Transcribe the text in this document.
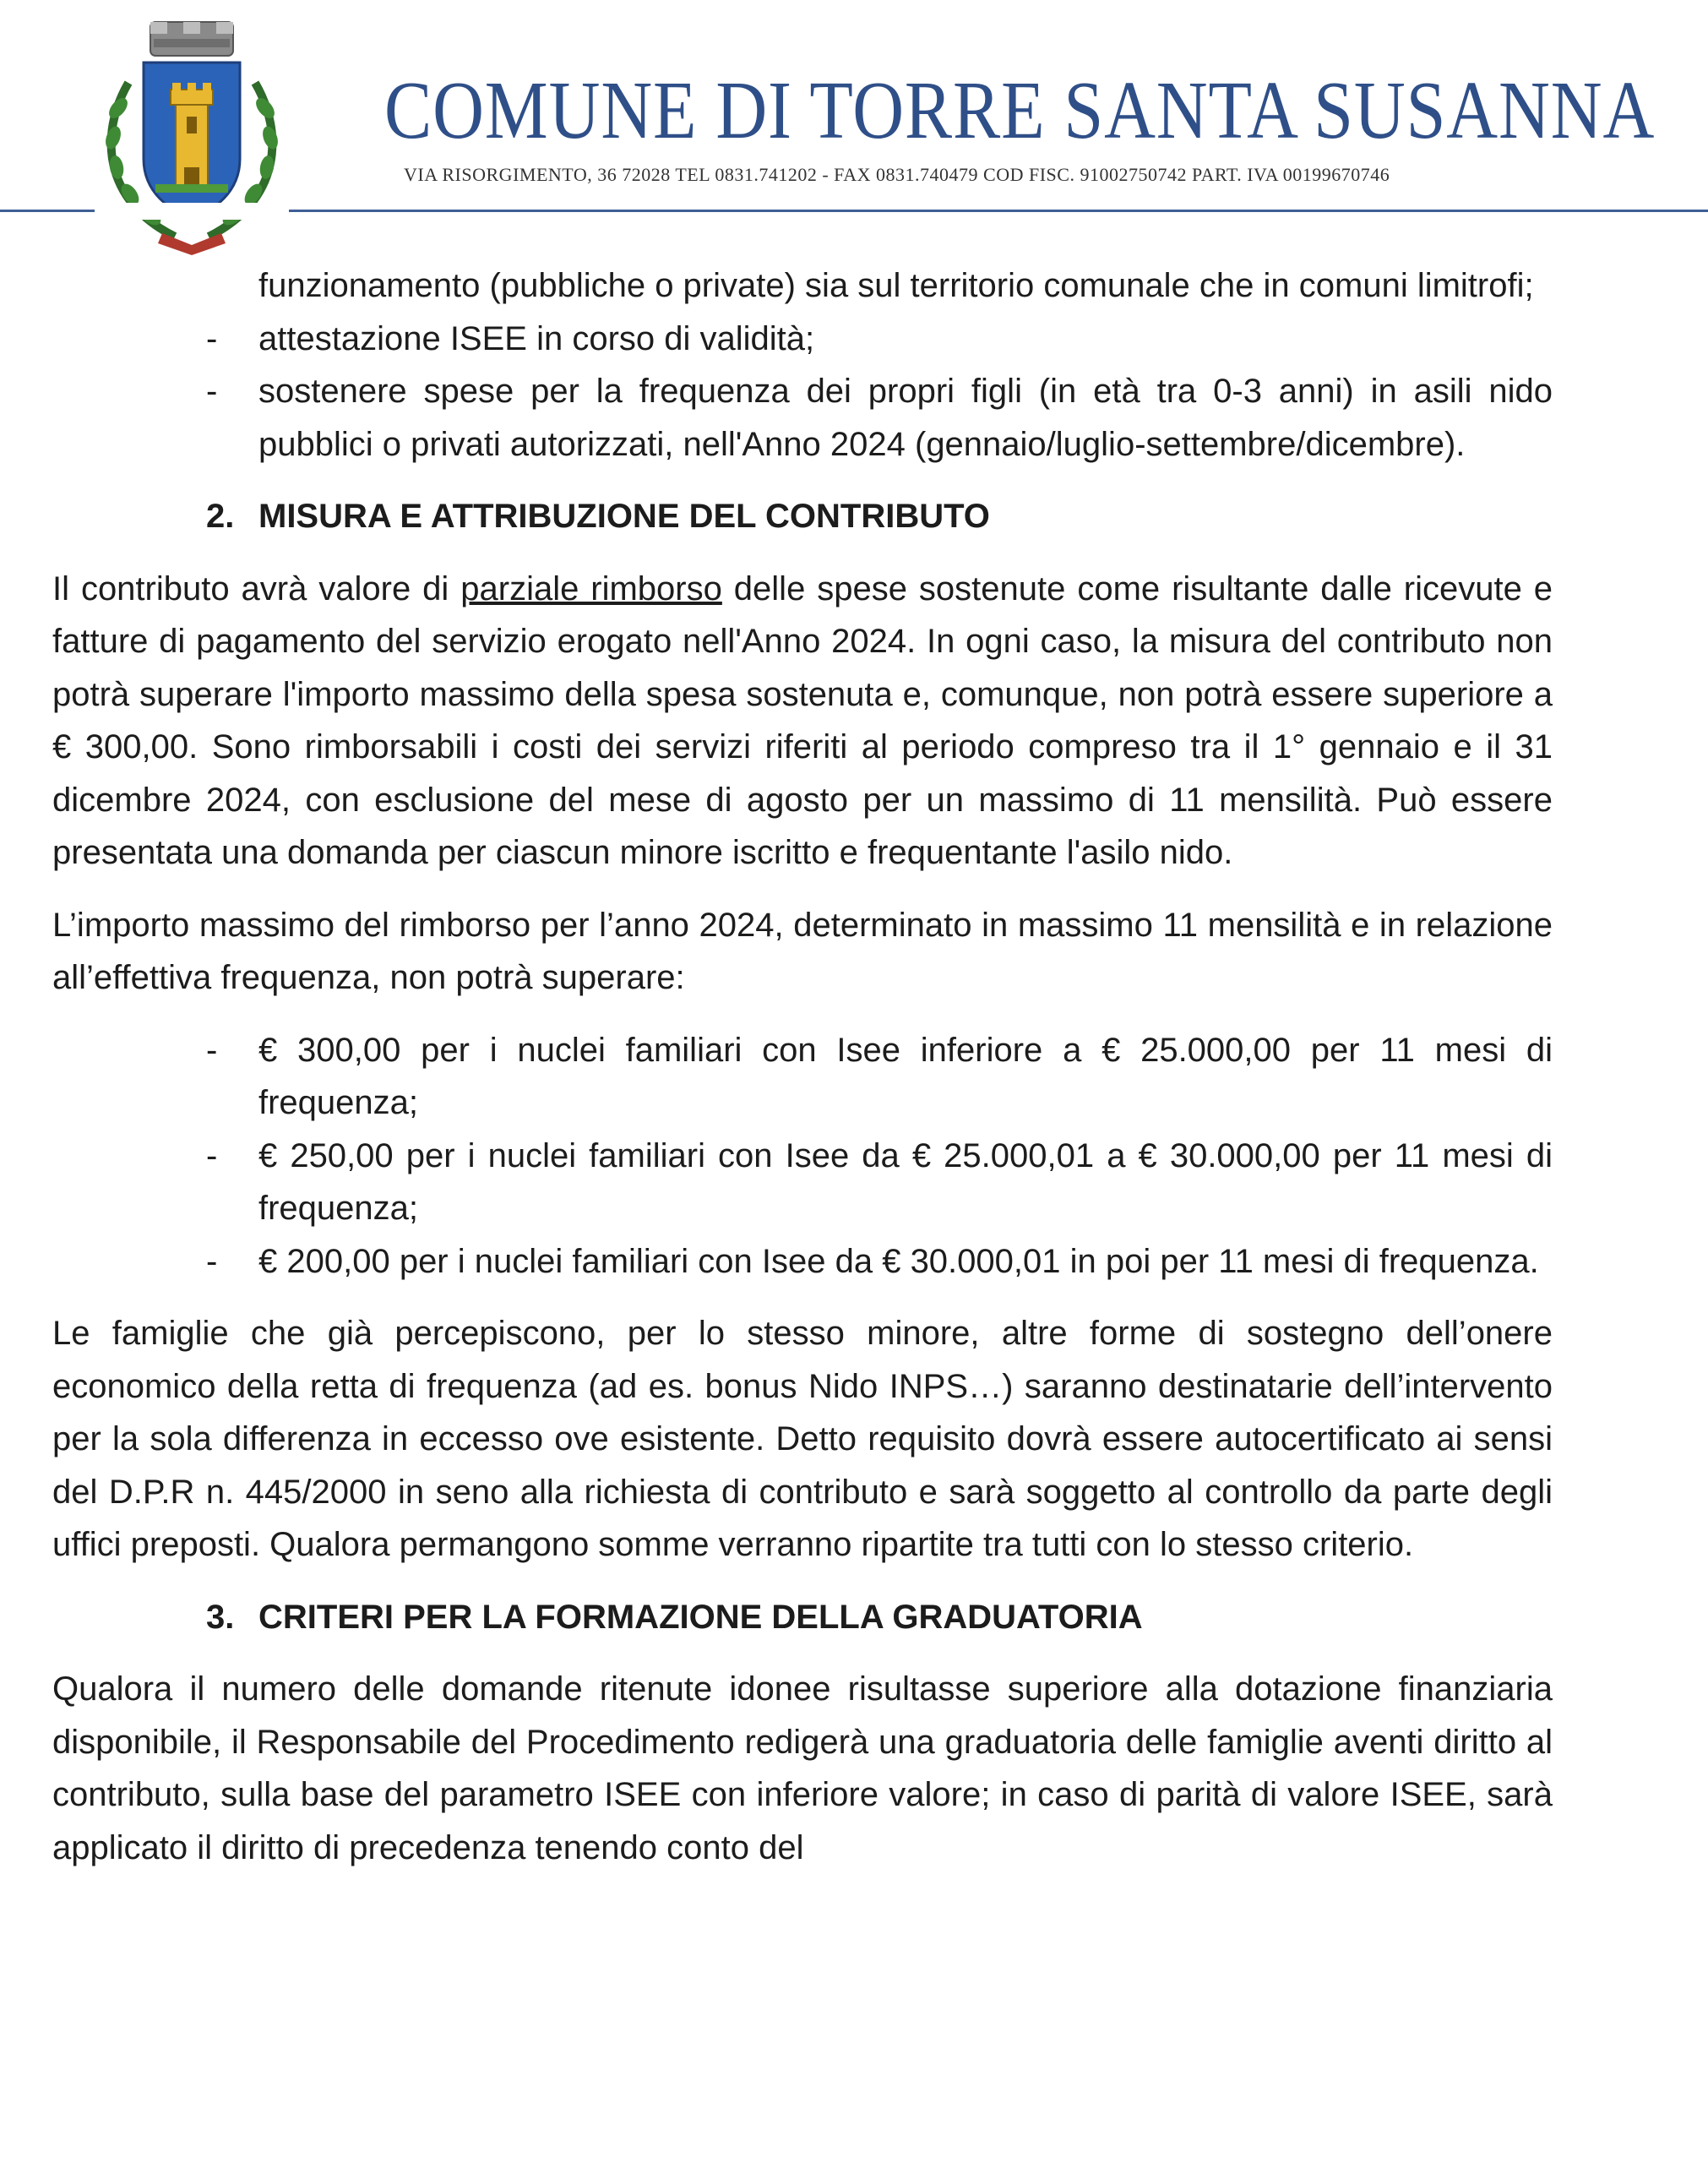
COMUNE DI TORRE SANTA SUSANNA
VIA RISORGIMENTO, 36 72028 TEL 0831.741202 - FAX 0831.740479 COD FISC. 91002750742 PART. IVA 00199670746

funzionamento (pubbliche o private) sia sul territorio comunale che in comuni limitrofi;

- attestazione ISEE in corso di validità;
- sostenere spese per la frequenza dei propri figli (in età tra 0-3 anni) in asili nido pubblici o privati autorizzati, nell'Anno 2024 (gennaio/luglio-settembre/dicembre).
2. MISURA E ATTRIBUZIONE DEL CONTRIBUTO

Il contributo avrà valore di parziale rimborso delle spese sostenute come risultante dalle ricevute e fatture di pagamento del servizio erogato nell'Anno 2024. In ogni caso, la misura del contributo non potrà superare l'importo massimo della spesa sostenuta e, comunque, non potrà essere superiore a € 300,00. Sono rimborsabili i costi dei servizi riferiti al periodo compreso tra il 1° gennaio e il 31 dicembre 2024, con esclusione del mese di agosto per un massimo di 11 mensilità. Può essere presentata una domanda per ciascun minore iscritto e frequentante l'asilo nido.

L’importo massimo del rimborso per l’anno 2024, determinato in massimo 11 mensilità e in relazione all’effettiva frequenza, non potrà superare:

- € 300,00 per i nuclei familiari con Isee inferiore a € 25.000,00 per 11 mesi di frequenza;
- € 250,00 per i nuclei familiari con Isee da € 25.000,01 a € 30.000,00 per 11 mesi di frequenza;
- € 200,00 per i nuclei familiari con Isee da € 30.000,01 in poi per 11 mesi di frequenza.

Le famiglie che già percepiscono, per lo stesso minore, altre forme di sostegno dell’onere economico della retta di frequenza (ad es. bonus Nido INPS…) saranno destinatarie dell’intervento per la sola differenza in eccesso ove esistente. Detto requisito dovrà essere autocertificato ai sensi del D.P.R n. 445/2000 in seno alla richiesta di contributo e sarà soggetto al controllo da parte degli uffici preposti. Qualora permangono somme verranno ripartite tra tutti con lo stesso criterio.

3. CRITERI PER LA FORMAZIONE DELLA GRADUATORIA

Qualora il numero delle domande ritenute idonee risultasse superiore alla dotazione finanziaria disponibile, il Responsabile del Procedimento redigerà una graduatoria delle famiglie aventi diritto al contributo, sulla base del parametro ISEE con inferiore valore; in caso di parità di valore ISEE, sarà applicato il diritto di precedenza tenendo conto del
